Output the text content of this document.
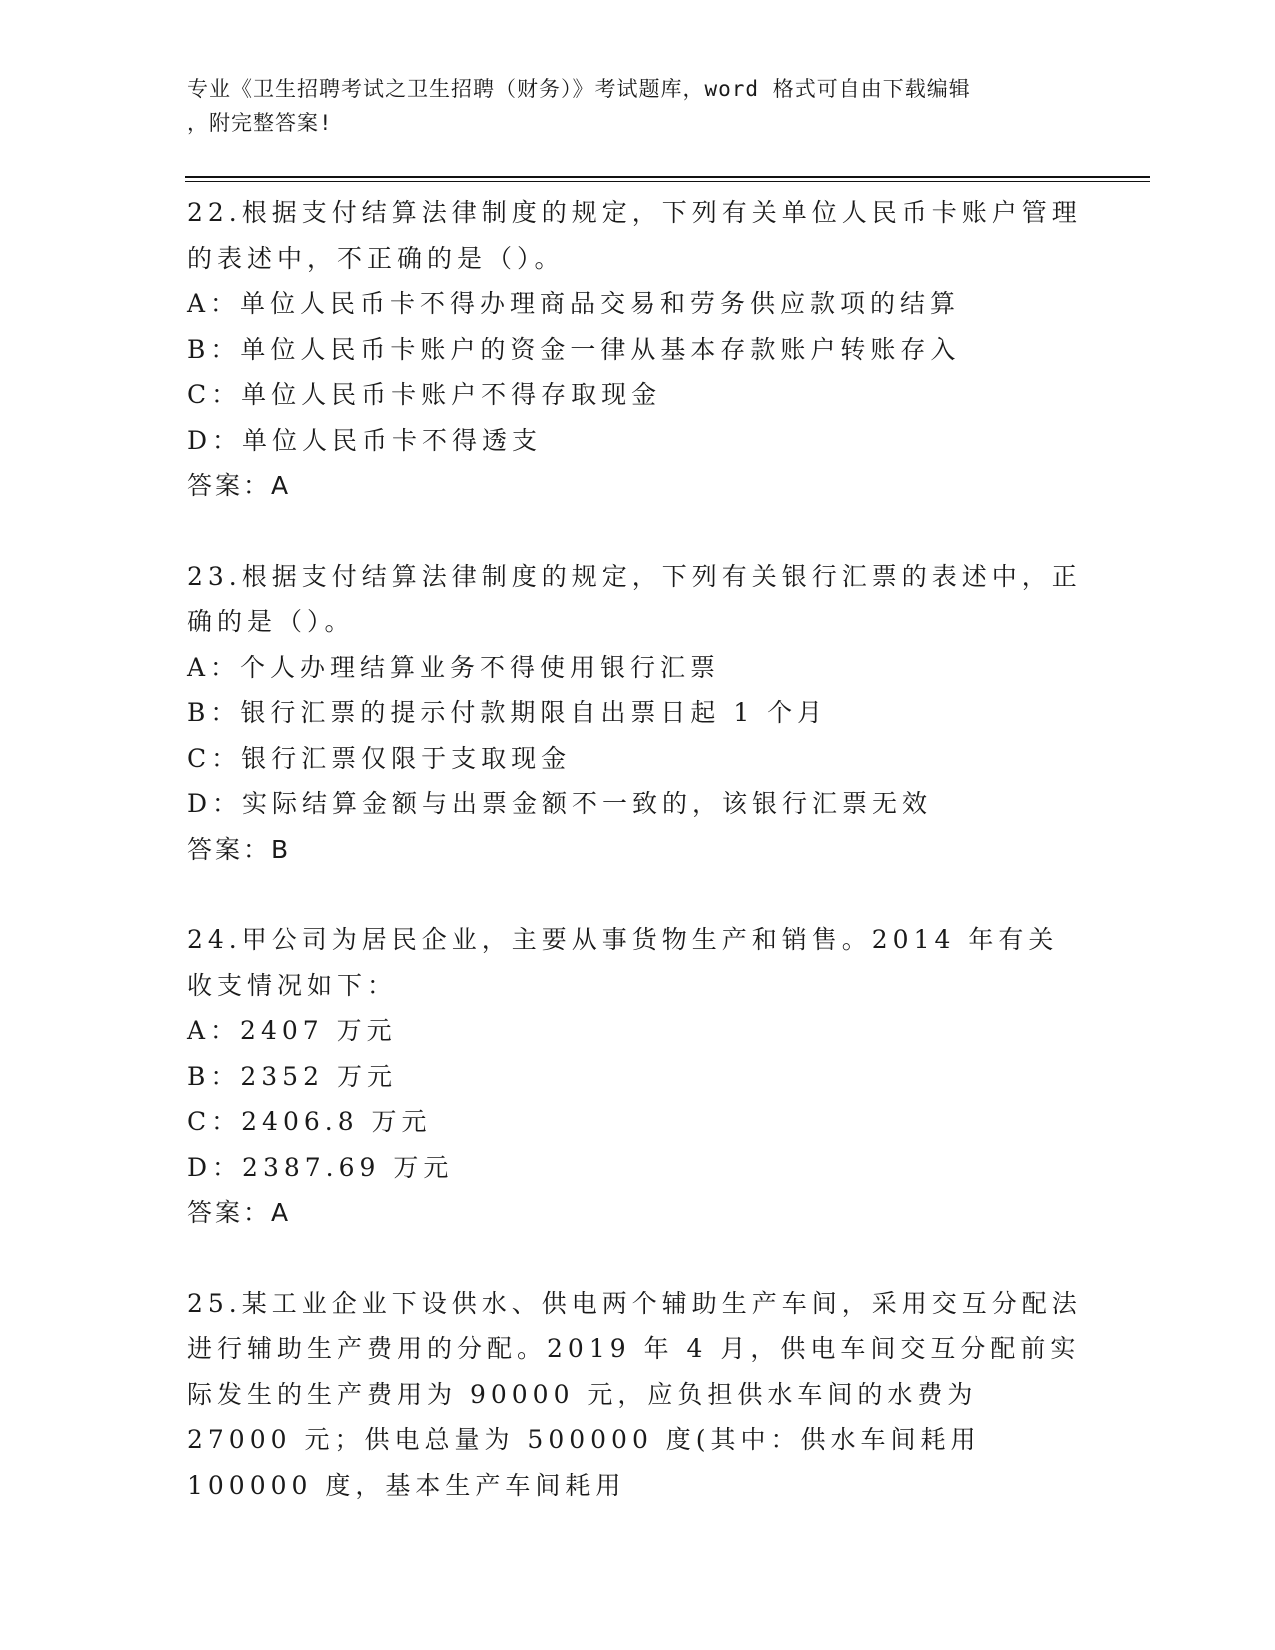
专业《卫生招聘考试之卫生招聘（财务）》考试题库，word 格式可自由下载编辑
，附完整答案!

22.根据支付结算法律制度的规定，下列有关单位人民币卡账户管理的表述中，不正确的是（）。

A：单位人民币卡不得办理商品交易和劳务供应款项的结算

B：单位人民币卡账户的资金一律从基本存款账户转账存入

C：单位人民币卡账户不得存取现金

D：单位人民币卡不得透支

答案：A

23.根据支付结算法律制度的规定，下列有关银行汇票的表述中，正确的是（）。

A：个人办理结算业务不得使用银行汇票

B：银行汇票的提示付款期限自出票日起 1 个月

C：银行汇票仅限于支取现金

D：实际结算金额与出票金额不一致的，该银行汇票无效

答案：B

24.甲公司为居民企业，主要从事货物生产和销售。2014 年有关收支情况如下：

A：2407 万元

B：2352 万元

C：2406.8 万元

D：2387.69 万元

答案：A

25.某工业企业下设供水、供电两个辅助生产车间，采用交互分配法进行辅助生产费用的分配。2019 年 4 月，供电车间交互分配前实际发生的生产费用为 90000 元，应负担供水车间的水费为 27000 元；供电总量为 500000 度(其中：供水车间耗用 100000 度，基本生产车间耗用
